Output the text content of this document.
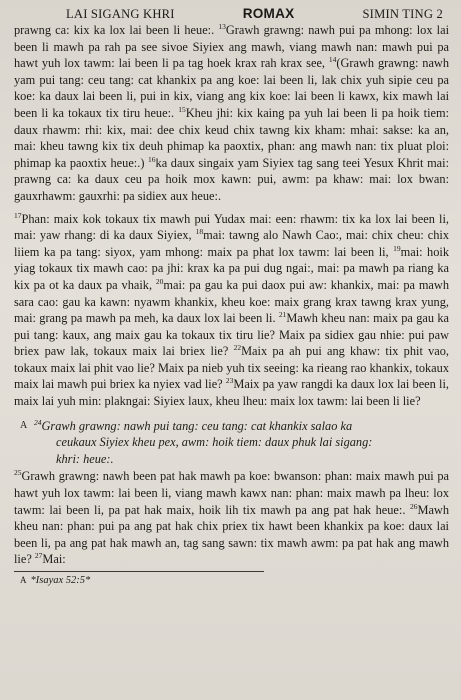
LAI SIGANG KHRI	ROMAX	SIMIN TING 2

prawng ca: kix ka lox lai been li heue:. $^{13}$Grawh grawng: nawh pui pa mhong: lox lai been li mawh pa rah pa see sivoe Siyiex ang mawh, viang mawh nan: mawh pui pa hawt yuh lox tawm: lai been li pa tag hoek krax rah krax see, $^{14}$(Grawh grawng: nawh yam pui tang: ceu tang: cat khankix pa ang koe: lai been li, lak chix yuh sipie ceu pa koe: ka daux lai been li, pui in kix, viang ang kix koe: lai been li kawx, kix mawh lai been li ka tokaux tix tiru heue:. $^{15}$Kheu jhi: kix kaing pa yuh lai been li pa hoik tiem: daux rhawm: rhi: kix, mai: dee chix keud chix tawng kix kham: mhai: sakse: ka an, mai: kheu tawng kix tix deuh phimap ka paoxtix, phan: ang mawh nan: tix pluat ploi: phimap ka paoxtix heue:.) $^{16}$ka daux singaix yam Siyiex tag sang teei Yesux Khrit mai: prawng ca: ka daux ceu pa hoik mox kawn: pui, awm: pa khaw: mai: lox bwan: gauxrhawm: gauxrhi: pa sidiex aux heue:.

$^{17}$Phan: maix kok tokaux tix mawh pui Yudax mai: een: rhawm: tix ka lox lai been li, mai: yaw rhang: di ka daux Siyiex, $^{18}$mai: tawng alo Nawh Cao:, mai: chix cheu: chix liiem ka pa tang: siyox, yam mhong: maix pa phat lox tawm: lai been li, $^{19}$mai: hoik yiag tokaux tix mawh cao: pa jhi: krax ka pa pui dug ngai:, mai: pa mawh pa riang ka kix pa ot ka daux pa vhaik, $^{20}$mai: pa gau ka pui daox pui aw: khankix, mai: pa mawh sara cao: gau ka kawn: nyawm khankix, kheu koe: maix grang krax tawng krax yung, mai: grang pa mawh pa meh, ka daux lox lai been li. $^{21}$Mawh kheu nan: maix pa gau ka pui tang: kaux, ang maix gau ka tokaux tix tiru lie? Maix pa sidiex gau nhie: pui paw briex paw lak, tokaux maix lai briex lie? $^{22}$Maix pa ah pui ang khaw: tix phit vao, tokaux maix lai phit vao lie? Maix pa nieb yuh tix seeing: ka rieang rao khankix, tokaux maix lai mawh pui briex ka nyiex vad lie? $^{23}$Maix pa yaw rangdi ka daux lox lai been li, maix lai yuh min: plakngai: Siyiex laux, kheu lheu: maix lox tawm: lai been li lie?

A $^{24}$Grawh grawng: nawh pui tang: ceu tang: cat khankix salao ka
ceukaux Siyiex kheu pex, awm: hoik tiem: daux phuk lai sigang:
khri: heue:.

$^{25}$Grawh grawng: nawh been pat hak mawh pa koe: bwanson: phan: maix mawh pui pa hawt yuh lox tawm: lai been li, viang mawh kawx nan: phan: maix mawh pa lheu: lox tawm: lai been li, pa pat hak maix, hoik lih tix mawh pa ang pat hak heue:. $^{26}$Mawh kheu nan: phan: pui pa ang pat hak chix priex tix hawt been khankix pa koe: daux lai been li, pa ang pat hak mawh an, tag sang sawn: tix mawh awm: pa pat hak ang mawh lie? $^{27}$Mai:

A *Isayax 52:5*
